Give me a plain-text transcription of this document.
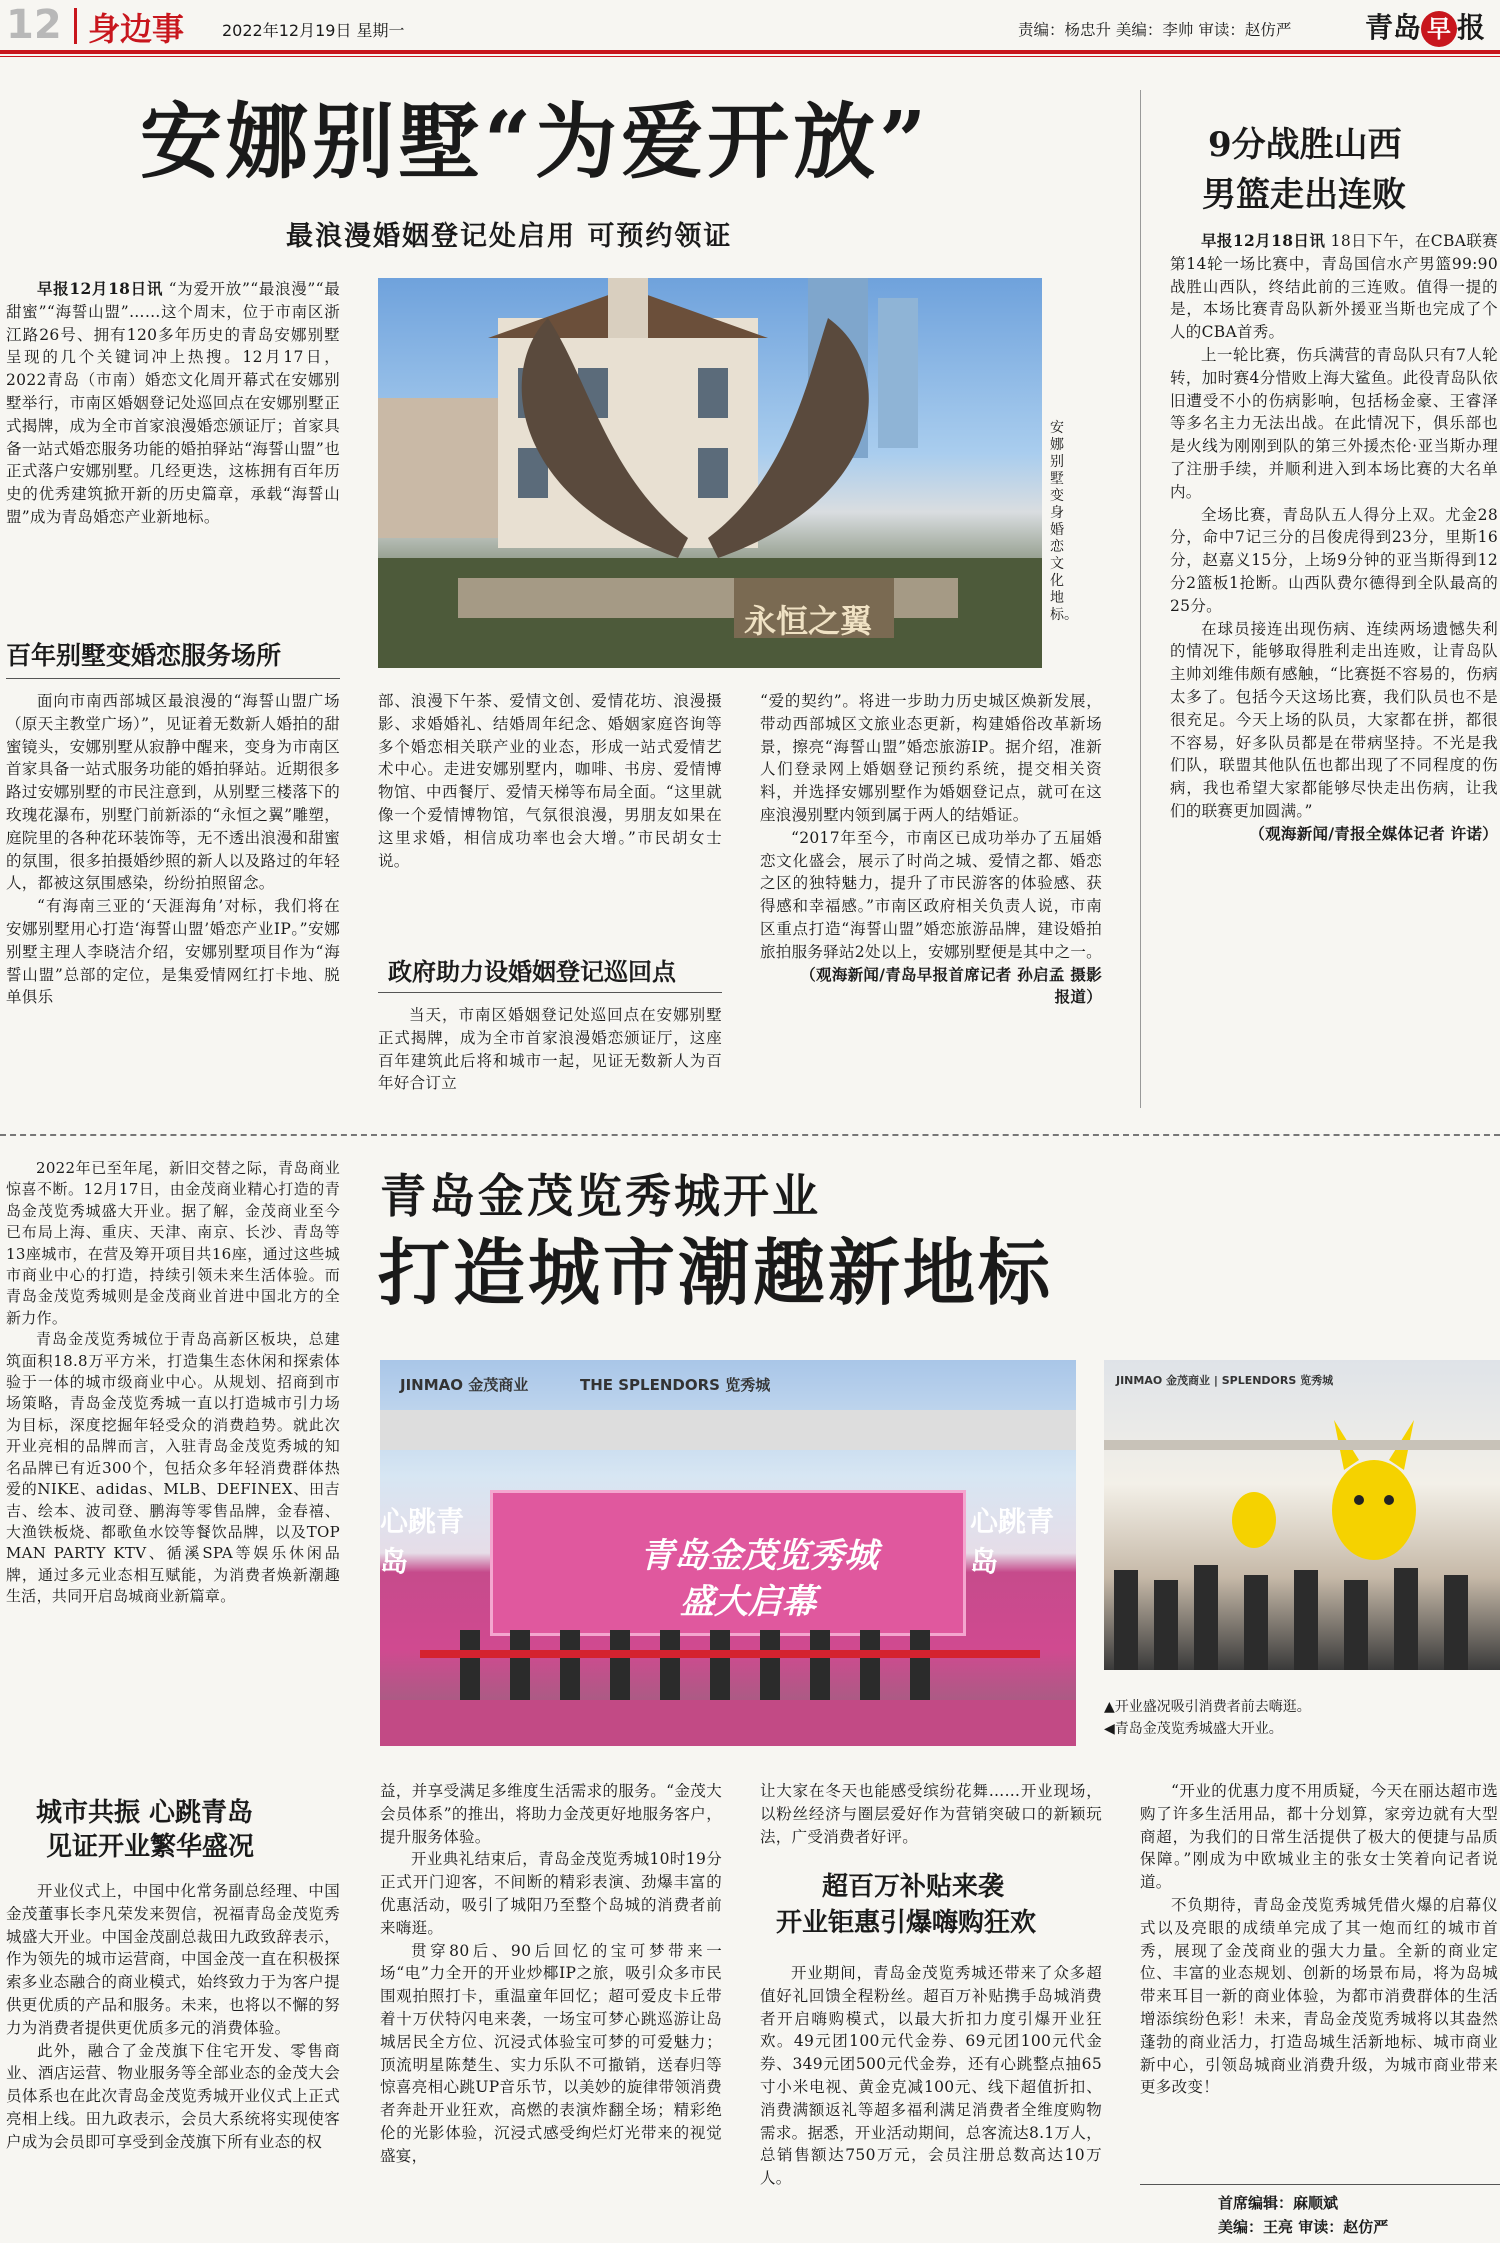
12 身边事 2022年12月19日 星期一	责编：杨忠升 美编：李帅 审读：赵仿严	青岛 早 报
安娜别墅“为爱开放”
最浪漫婚姻登记处启用 可预约领证

早报12月18日讯 “为爱开放”“最浪漫”“最甜蜜”“海誓山盟”……这个周末，位于市南区浙江路26号、拥有120多年历史的青岛安娜别墅呈现的几个关键词冲上热搜。12月17日，2022青岛（市南）婚恋文化周开幕式在安娜别墅举行，市南区婚姻登记处巡回点在安娜别墅正式揭牌，成为全市首家浪漫婚恋颁证厅；首家具备一站式婚恋服务功能的婚拍驿站“海誓山盟”也正式落户安娜别墅。几经更迭，这栋拥有百年历史的优秀建筑掀开新的历史篇章，承载“海誓山盟”成为青岛婚恋产业新地标。

百年别墅变婚恋服务场所

面向市南西部城区最浪漫的“海誓山盟广场（原天主教堂广场）”，见证着无数新人婚拍的甜蜜镜头，安娜别墅从寂静中醒来，变身为市南区首家具备一站式服务功能的婚拍驿站。近期很多路过安娜别墅的市民注意到，从别墅三楼落下的玫瑰花瀑布，别墅门前新添的“永恒之翼”雕塑，庭院里的各种花环装饰等，无不透出浪漫和甜蜜的氛围，很多拍摄婚纱照的新人以及路过的年轻人，都被这氛围感染，纷纷拍照留念。

“有海南三亚的‘天涯海角’对标，我们将在安娜别墅用心打造‘海誓山盟’婚恋产业IP。”安娜别墅主理人李晓洁介绍，安娜别墅项目作为“海誓山盟”总部的定位，是集爱情网红打卡地、脱单俱乐

永恒之翼
安娜别墅变身婚恋文化地标。

部、浪漫下午茶、爱情文创、爱情花坊、浪漫摄影、求婚婚礼、结婚周年纪念、婚姻家庭咨询等多个婚恋相关联产业的业态，形成一站式爱情艺术中心。走进安娜别墅内，咖啡、书房、爱情博物馆、中西餐厅、爱情天梯等布局全面。“这里就像一个爱情博物馆，气氛很浪漫，男朋友如果在这里求婚，相信成功率也会大增。”市民胡女士说。

政府助力设婚姻登记巡回点

当天，市南区婚姻登记处巡回点在安娜别墅正式揭牌，成为全市首家浪漫婚恋颁证厅，这座百年建筑此后将和城市一起，见证无数新人为百年好合订立

“爱的契约”。将进一步助力历史城区焕新发展，带动西部城区文旅业态更新，构建婚俗改革新场景，擦亮“海誓山盟”婚恋旅游IP。据介绍，准新人们登录网上婚姻登记预约系统，提交相关资料，并选择安娜别墅作为婚姻登记点，就可在这座浪漫别墅内领到属于两人的结婚证。

“2017年至今，市南区已成功举办了五届婚恋文化盛会，展示了时尚之城、爱情之都、婚恋之区的独特魅力，提升了市民游客的体验感、获得感和幸福感。”市南区政府相关负责人说，市南区重点打造“海誓山盟”婚恋旅游品牌，建设婚拍旅拍服务驿站2处以上，安娜别墅便是其中之一。

（观海新闻/青岛早报首席记者 孙启孟 摄影报道）

9分战胜山西
男篮走出连败

早报12月18日讯 18日下午，在CBA联赛第14轮一场比赛中，青岛国信水产男篮99:90战胜山西队，终结此前的三连败。值得一提的是，本场比赛青岛队新外援亚当斯也完成了个人的CBA首秀。

上一轮比赛，伤兵满营的青岛队只有7人轮转，加时赛4分惜败上海大鲨鱼。此役青岛队依旧遭受不小的伤病影响，包括杨金豪、王睿泽等多名主力无法出战。在此情况下，俱乐部也是火线为刚刚到队的第三外援杰伦·亚当斯办理了注册手续，并顺利进入到本场比赛的大名单内。

全场比赛，青岛队五人得分上双。尤金28分，命中7记三分的吕俊虎得到23分，里斯16分，赵嘉义15分，上场9分钟的亚当斯得到12分2篮板1抢断。山西队费尔德得到全队最高的25分。

在球员接连出现伤病、连续两场遗憾失利的情况下，能够取得胜利走出连败，让青岛队主帅刘维伟颇有感触，“比赛挺不容易的，伤病太多了。包括今天这场比赛，我们队员也不是很充足。今天上场的队员，大家都在拼，都很不容易，好多队员都是在带病坚持。不光是我们队，联盟其他队伍也都出现了不同程度的伤病，我也希望大家都能够尽快走出伤病，让我们的联赛更加圆满。”

（观海新闻/青报全媒体记者 许诺）

2022年已至年尾，新旧交替之际，青岛商业惊喜不断。12月17日，由金茂商业精心打造的青岛金茂览秀城盛大开业。据了解，金茂商业至今已布局上海、重庆、天津、南京、长沙、青岛等13座城市，在营及筹开项目共16座，通过这些城市商业中心的打造，持续引领未来生活体验。而青岛金茂览秀城则是金茂商业首进中国北方的全新力作。

青岛金茂览秀城位于青岛高新区板块，总建筑面积18.8万平方米，打造集生态休闲和探索体验于一体的城市级商业中心。从规划、招商到市场策略，青岛金茂览秀城一直以打造城市引力场为目标，深度挖掘年轻受众的消费趋势。就此次开业亮相的品牌而言，入驻青岛金茂览秀城的知名品牌已有近300个，包括众多年轻消费群体热爱的NIKE、adidas、MLB、DEFINEX、田吉吉、绘本、波司登、鹏海等零售品牌，金春禧、大渔铁板烧、都歌鱼水饺等餐饮品牌，以及TOP MAN PARTY KTV、循溪SPA等娱乐休闲品牌，通过多元业态相互赋能，为消费者焕新潮趣生活，共同开启岛城商业新篇章。

青岛金茂览秀城开业
打造城市潮趣新地标
JINMAO 金茂商业	THE SPLENDORS 览秀城
青岛金茂览秀城
盛大启幕
心跳青岛
心跳青岛
JINMAO 金茂商业 | SPLENDORS 览秀城
▲开业盛况吸引消费者前去嗨逛。
◀青岛金茂览秀城盛大开业。
城市共振 心跳青岛
见证开业繁华盛况

开业仪式上，中国中化常务副总经理、中国金茂董事长李凡荣发来贺信，祝福青岛金茂览秀城盛大开业。中国金茂副总裁田九政致辞表示，作为领先的城市运营商，中国金茂一直在积极探索多业态融合的商业模式，始终致力于为客户提供更优质的产品和服务。未来，也将以不懈的努力为消费者提供更优质多元的消费体验。

此外，融合了金茂旗下住宅开发、零售商业、酒店运营、物业服务等全部业态的金茂大会员体系也在此次青岛金茂览秀城开业仪式上正式亮相上线。田九政表示，会员大系统将实现使客户成为会员即可享受到金茂旗下所有业态的权

益，并享受满足多维度生活需求的服务。“金茂大会员体系”的推出，将助力金茂更好地服务客户，提升服务体验。

开业典礼结束后，青岛金茂览秀城10时19分正式开门迎客，不间断的精彩表演、劲爆丰富的优惠活动，吸引了城阳乃至整个岛城的消费者前来嗨逛。

贯穿80后、90后回忆的宝可梦带来一场“电”力全开的开业炒椰IP之旅，吸引众多市民围观拍照打卡，重温童年回忆；超可爱皮卡丘带着十万伏特闪电来袭，一场宝可梦心跳巡游让岛城居民全方位、沉浸式体验宝可梦的可爱魅力；顶流明星陈楚生、实力乐队不可撤销，送春归等惊喜亮相心跳UP音乐节，以美妙的旋律带领消费者奔赴开业狂欢，高燃的表演炸翻全场；精彩绝伦的光影体验，沉浸式感受绚烂灯光带来的视觉盛宴，

让大家在冬天也能感受缤纷花舞……开业现场，以粉丝经济与圈层爱好作为营销突破口的新颖玩法，广受消费者好评。

超百万补贴来袭
开业钜惠引爆嗨购狂欢

开业期间，青岛金茂览秀城还带来了众多超值好礼回馈全程粉丝。超百万补贴携手岛城消费者开启嗨购模式，以最大折扣力度引爆开业狂欢。49元团100元代金券、69元团100元代金券、349元团500元代金券，还有心跳整点抽65寸小米电视、黄金克减100元、线下超值折扣、消费满额返礼等超多福利满足消费者全维度购物需求。据悉，开业活动期间，总客流达8.1万人，总销售额达750万元，会员注册总数高达10万人。

“开业的优惠力度不用质疑，今天在丽达超市选购了许多生活用品，都十分划算，家旁边就有大型商超，为我们的日常生活提供了极大的便捷与品质保障。”刚成为中欧城业主的张女士笑着向记者说道。

不负期待，青岛金茂览秀城凭借火爆的启幕仪式以及亮眼的成绩单完成了其一炮而红的城市首秀，展现了金茂商业的强大力量。全新的商业定位、丰富的业态规划、创新的场景布局，将为岛城带来耳目一新的商业体验，为都市消费群体的生活增添缤纷色彩！未来，青岛金茂览秀城将以其盎然蓬勃的商业活力，打造岛城生活新地标、城市商业新中心，引领岛城商业消费升级，为城市商业带来更多改变！

首席编辑：麻顺斌
美编：王亮 审读：赵仿严
